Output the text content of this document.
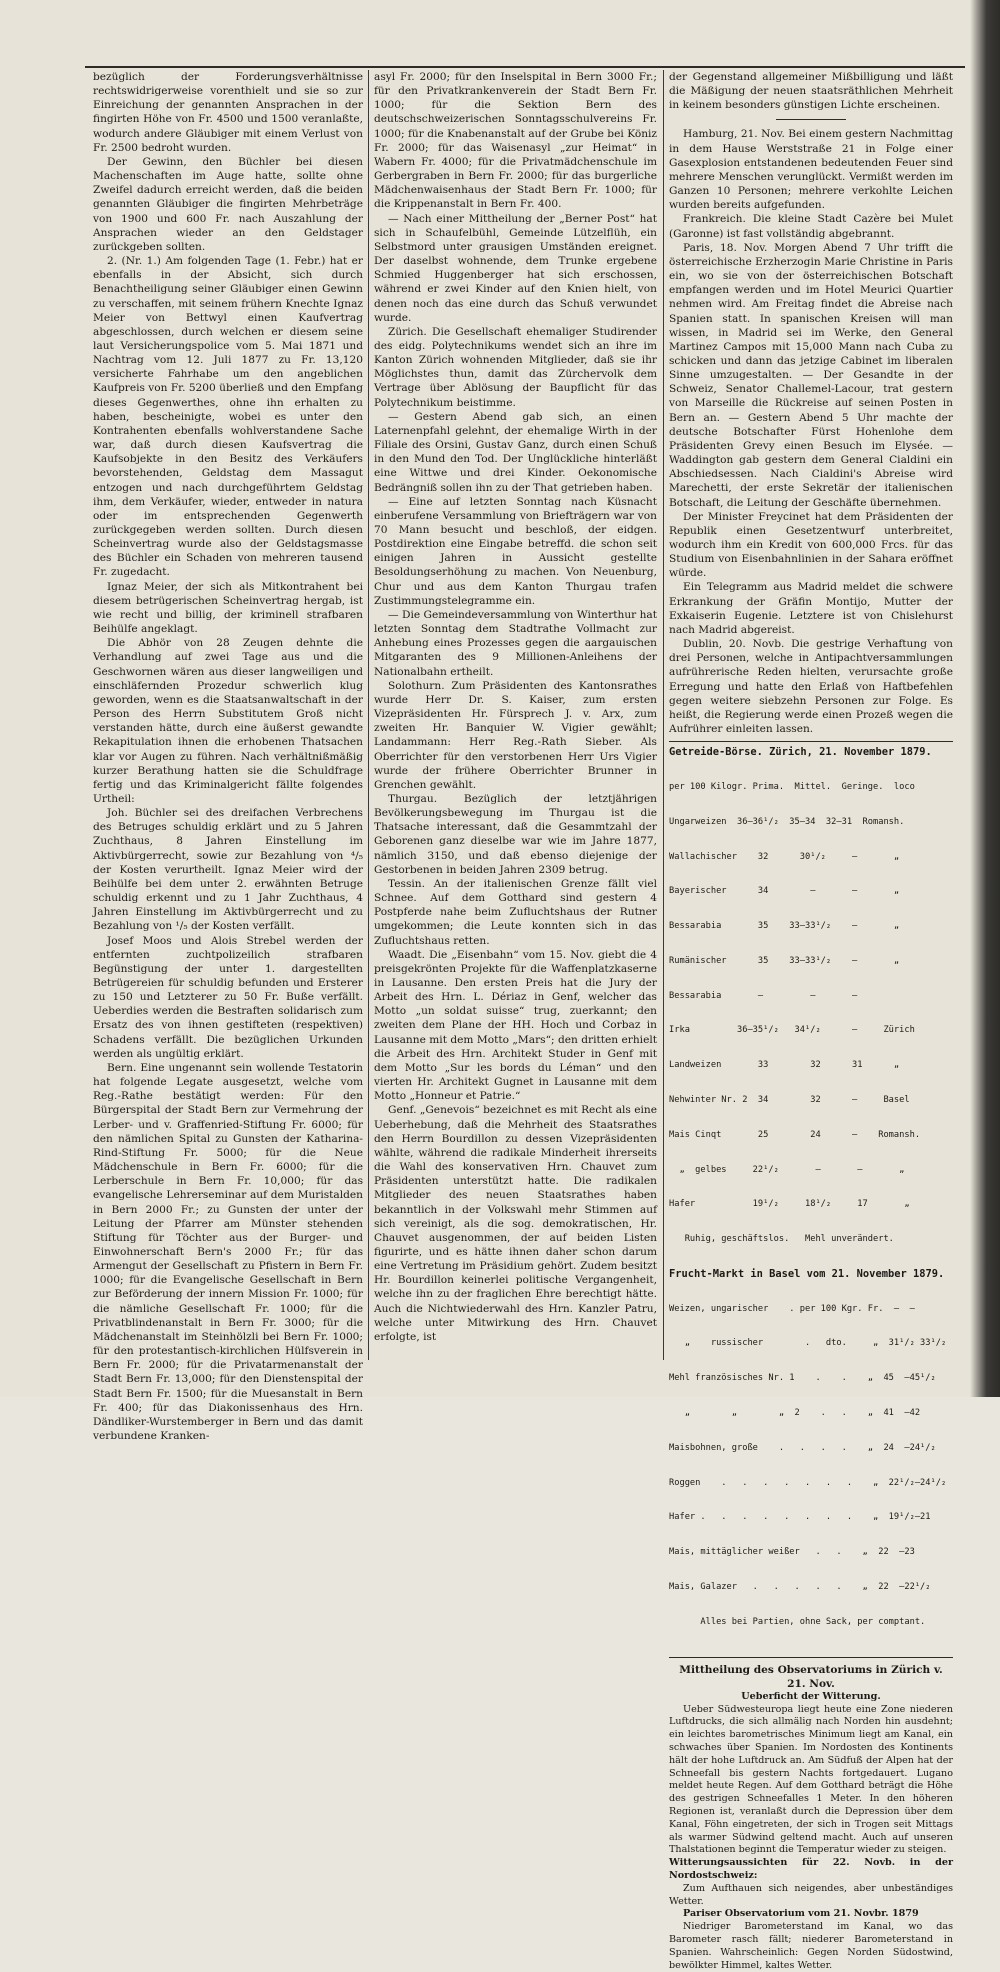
bezüglich der Forderungsverhältnisse rechtswidrigerweise vorenthielt und sie so zur Einreichung der genannten Ansprachen in der fingirten Höhe von Fr. 4500 und 1500 veranlaßte, wodurch andere Gläubiger mit einem Verlust von Fr. 2500 bedroht wurden.

Der Gewinn, den Büchler bei diesen Machenschaften im Auge hatte, sollte ohne Zweifel dadurch erreicht werden, daß die beiden genannten Gläubiger die fingirten Mehrbeträge von 1900 und 600 Fr. nach Auszahlung der Ansprachen wieder an den Geldstager zurückgeben sollten.

2. (Nr. 1.) Am folgenden Tage (1. Febr.) hat er ebenfalls in der Absicht, sich durch Benachtheiligung seiner Gläubiger einen Gewinn zu verschaffen, mit seinem frühern Knechte Ignaz Meier von Bettwyl einen Kaufvertrag abgeschlossen, durch welchen er diesem seine laut Versicherungspolice vom 5. Mai 1871 und Nachtrag vom 12. Juli 1877 zu Fr. 13,120 versicherte Fahrhabe um den angeblichen Kaufpreis von Fr. 5200 überließ und den Empfang dieses Gegenwerthes, ohne ihn erhalten zu haben, bescheinigte, wobei es unter den Kontrahenten ebenfalls wohlverstandene Sache war, daß durch diesen Kaufsvertrag die Kaufsobjekte in den Besitz des Verkäufers bevorstehenden, Geldstag dem Massagut entzogen und nach durchgeführtem Geldstag ihm, dem Verkäufer, wieder, entweder in natura oder im entsprechenden Gegenwerth zurückgegeben werden sollten. Durch diesen Scheinvertrag wurde also der Geldstagsmasse des Büchler ein Schaden von mehreren tausend Fr. zugedacht.

Ignaz Meier, der sich als Mitkontrahent bei diesem betrügerischen Scheinvertrag hergab, ist wie recht und billig, der kriminell strafbaren Beihülfe angeklagt.

Die Abhör von 28 Zeugen dehnte die Verhandlung auf zwei Tage aus und die Geschwornen wären aus dieser langweiligen und einschläfernden Prozedur schwerlich klug geworden, wenn es die Staatsanwaltschaft in der Person des Herrn Substitutem Groß nicht verstanden hätte, durch eine äußerst gewandte Rekapitulation ihnen die erhobenen Thatsachen klar vor Augen zu führen. Nach verhältnißmäßig kurzer Berathung hatten sie die Schuldfrage fertig und das Kriminalgericht fällte folgendes Urtheil:

Joh. Büchler sei des dreifachen Verbrechens des Betruges schuldig erklärt und zu 5 Jahren Zuchthaus, 8 Jahren Einstellung im Aktivbürgerrecht, sowie zur Bezahlung von ⁴/₅ der Kosten verurtheilt. Ignaz Meier wird der Beihülfe bei dem unter 2. erwähnten Betruge schuldig erkennt und zu 1 Jahr Zuchthaus, 4 Jahren Einstellung im Aktivbürgerrecht und zu Bezahlung von ¹/₅ der Kosten verfällt.

Josef Moos und Alois Strebel werden der entfernten zuchtpolizeilich strafbaren Begünstigung der unter 1. dargestellten Betrügereien für schuldig befunden und Ersterer zu 150 und Letzterer zu 50 Fr. Buße verfällt. Ueberdies werden die Bestraften solidarisch zum Ersatz des von ihnen gestifteten (respektiven) Schadens verfällt. Die bezüglichen Urkunden werden als ungültig erklärt.

Bern. Eine ungenannt sein wollende Testatorin hat folgende Legate ausgesetzt, welche vom Reg.-Rathe bestätigt werden: Für den Bürgerspital der Stadt Bern zur Vermehrung der Lerber- und v. Graffenried-Stiftung Fr. 6000; für den nämlichen Spital zu Gunsten der Katharina-Rind-Stiftung Fr. 5000; für die Neue Mädchenschule in Bern Fr. 6000; für die Lerberschule in Bern Fr. 10,000; für das evangelische Lehrerseminar auf dem Muristalden in Bern 2000 Fr.; zu Gunsten der unter der Leitung der Pfarrer am Münster stehenden Stiftung für Töchter aus der Burger- und Einwohnerschaft Bern's 2000 Fr.; für das Armengut der Gesellschaft zu Pfistern in Bern Fr. 1000; für die Evangelische Gesellschaft in Bern zur Beförderung der innern Mission Fr. 1000; für die nämliche Gesellschaft Fr. 1000; für die Privatblindenanstalt in Bern Fr. 3000; für die Mädchenanstalt im Steinhölzli bei Bern Fr. 1000; für den protestantisch-kirchlichen Hülfsverein in Bern Fr. 2000; für die Privatarmenanstalt der Stadt Bern Fr. 13,000; für den Dienstenspital der Stadt Bern Fr. 1500; für die Muesanstalt in Bern Fr. 400; für das Diakonissenhaus des Hrn. Dändliker-Wurstemberger in Bern und das damit verbundene Kranken-

asyl Fr. 2000; für den Inselspital in Bern 3000 Fr.; für den Privatkrankenverein der Stadt Bern Fr. 1000; für die Sektion Bern des deutschschweizerischen Sonntagsschulvereins Fr. 1000; für die Knabenanstalt auf der Grube bei Köniz Fr. 2000; für das Waisenasyl „zur Heimat“ in Wabern Fr. 4000; für die Privatmädchenschule im Gerbergraben in Bern Fr. 2000; für das burgerliche Mädchenwaisenhaus der Stadt Bern Fr. 1000; für die Krippenanstalt in Bern Fr. 400.

— Nach einer Mittheilung der „Berner Post“ hat sich in Schaufelbühl, Gemeinde Lützelflüh, ein Selbstmord unter grausigen Umständen ereignet. Der daselbst wohnende, dem Trunke ergebene Schmied Huggenberger hat sich erschossen, während er zwei Kinder auf den Knien hielt, von denen noch das eine durch das Schuß verwundet wurde.

Zürich. Die Gesellschaft ehemaliger Studirender des eidg. Polytechnikums wendet sich an ihre im Kanton Zürich wohnenden Mitglieder, daß sie ihr Möglichstes thun, damit das Zürchervolk dem Vertrage über Ablösung der Baupflicht für das Polytechnikum beistimme.

— Gestern Abend gab sich, an einen Laternenpfahl gelehnt, der ehemalige Wirth in der Filiale des Orsini, Gustav Ganz, durch einen Schuß in den Mund den Tod. Der Unglückliche hinterläßt eine Wittwe und drei Kinder. Oekonomische Bedrängniß sollen ihn zu der That getrieben haben.

— Eine auf letzten Sonntag nach Küsnacht einberufene Versammlung von Briefträgern war von 70 Mann besucht und beschloß, der eidgen. Postdirektion eine Eingabe betreffd. die schon seit einigen Jahren in Aussicht gestellte Besoldungserhöhung zu machen. Von Neuenburg, Chur und aus dem Kanton Thurgau trafen Zustimmungstelegramme ein.

— Die Gemeindeversammlung von Winterthur hat letzten Sonntag dem Stadtrathe Vollmacht zur Anhebung eines Prozesses gegen die aargauischen Mitgaranten des 9 Millionen-Anleihens der Nationalbahn ertheilt.

Solothurn. Zum Präsidenten des Kantonsrathes wurde Herr Dr. S. Kaiser, zum ersten Vizepräsidenten Hr. Fürsprech J. v. Arx, zum zweiten Hr. Banquier W. Vigier gewählt; Landammann: Herr Reg.-Rath Sieber. Als Oberrichter für den verstorbenen Herr Urs Vigier wurde der frühere Oberrichter Brunner in Grenchen gewählt.

Thurgau. Bezüglich der letztjährigen Bevölkerungsbewegung im Thurgau ist die Thatsache interessant, daß die Gesammtzahl der Geborenen ganz dieselbe war wie im Jahre 1877, nämlich 3150, und daß ebenso diejenige der Gestorbenen in beiden Jahren 2309 betrug.

Tessin. An der italienischen Grenze fällt viel Schnee. Auf dem Gotthard sind gestern 4 Postpferde nahe beim Zufluchtshaus der Rutner umgekommen; die Leute konnten sich in das Zufluchtshaus retten.

Waadt. Die „Eisenbahn“ vom 15. Nov. giebt die 4 preisgekrönten Projekte für die Waffenplatzkaserne in Lausanne. Den ersten Preis hat die Jury der Arbeit des Hrn. L. Dériaz in Genf, welcher das Motto „un soldat suisse“ trug, zuerkannt; den zweiten dem Plane der HH. Hoch und Corbaz in Lausanne mit dem Motto „Mars“; den dritten erhielt die Arbeit des Hrn. Architekt Studer in Genf mit dem Motto „Sur les bords du Léman“ und den vierten Hr. Architekt Gugnet in Lausanne mit dem Motto „Honneur et Patrie.“

Genf. „Genevois“ bezeichnet es mit Recht als eine Ueberhebung, daß die Mehrheit des Staatsrathes den Herrn Bourdillon zu dessen Vizepräsidenten wählte, während die radikale Minderheit ihrerseits die Wahl des konservativen Hrn. Chauvet zum Präsidenten unterstützt hatte. Die radikalen Mitglieder des neuen Staatsrathes haben bekanntlich in der Volkswahl mehr Stimmen auf sich vereinigt, als die sog. demokratischen, Hr. Chauvet ausgenommen, der auf beiden Listen figurirte, und es hätte ihnen daher schon darum eine Vertretung im Präsidium gehört. Zudem besitzt Hr. Bourdillon keinerlei politische Vergangenheit, welche ihn zu der fraglichen Ehre berechtigt hätte. Auch die Nichtwiederwahl des Hrn. Kanzler Patru, welche unter Mitwirkung des Hrn. Chauvet erfolgte, ist

der Gegenstand allgemeiner Mißbilligung und läßt die Mäßigung der neuen staatsräthlichen Mehrheit in keinem besonders günstigen Lichte erscheinen.

Hamburg, 21. Nov. Bei einem gestern Nachmittag in dem Hause Werststraße 21 in Folge einer Gasexplosion entstandenen bedeutenden Feuer sind mehrere Menschen verunglückt. Vermißt werden im Ganzen 10 Personen; mehrere verkohlte Leichen wurden bereits aufgefunden.

Frankreich. Die kleine Stadt Cazère bei Mulet (Garonne) ist fast vollständig abgebrannt.

Paris, 18. Nov. Morgen Abend 7 Uhr trifft die österreichische Erzherzogin Marie Christine in Paris ein, wo sie von der österreichischen Botschaft empfangen werden und im Hotel Meurici Quartier nehmen wird. Am Freitag findet die Abreise nach Spanien statt. In spanischen Kreisen will man wissen, in Madrid sei im Werke, den General Martinez Campos mit 15,000 Mann nach Cuba zu schicken und dann das jetzige Cabinet im liberalen Sinne umzugestalten. — Der Gesandte in der Schweiz, Senator Challemel-Lacour, trat gestern von Marseille die Rückreise auf seinen Posten in Bern an. — Gestern Abend 5 Uhr machte der deutsche Botschafter Fürst Hohenlohe dem Präsidenten Grevy einen Besuch im Elysée. — Waddington gab gestern dem General Cialdini ein Abschiedsessen. Nach Cialdini's Abreise wird Marechetti, der erste Sekretär der italienischen Botschaft, die Leitung der Geschäfte übernehmen.

Der Minister Freycinet hat dem Präsidenten der Republik einen Gesetzentwurf unterbreitet, wodurch ihm ein Kredit von 600,000 Frcs. für das Studium von Eisenbahnlinien in der Sahara eröffnet würde.

Ein Telegramm aus Madrid meldet die schwere Erkrankung der Gräfin Montijo, Mutter der Exkaiserin Eugenie. Letztere ist von Chislehurst nach Madrid abgereist.

Dublin, 20. Novb. Die gestrige Verhaftung von drei Personen, welche in Antipachtversammlungen aufrührerische Reden hielten, verursachte große Erregung und hatte den Erlaß von Haftbefehlen gegen weitere siebzehn Personen zur Folge. Es heißt, die Regierung werde einen Prozeß wegen die Aufrührer einleiten lassen.

Getreide-Börse. Zürich, 21. November 1879.

per 100 Kilogr. Prima.  Mittel.  Geringe.  loco

Ungarweizen  36—36¹/₂  35—34  32—31  Romansh.

Wallachischer    32      30¹/₂     —       „

Bayerischer      34        —       —       „

Bessarabia       35    33—33¹/₂    —       „

Rumänischer      35    33—33¹/₂    —       „

Bessarabia       —         —       —

Irka         36—35¹/₂   34¹/₂      —     Zürich

Landweizen       33        32      31      „

Nehwinter Nr. 2  34        32      —     Basel

Mais Cinqt       25        24      —    Romansh.

„  gelbes     22¹/₂       —       —       „

Hafer           19¹/₂     18¹/₂     17       „

Ruhig, geschäftslos.   Mehl unverändert.

Frucht-Markt in Basel vom 21. November 1879.

Weizen, ungarischer    . per 100 Kgr. Fr.  —  —

„    russischer        .   dto.     „  31¹/₂ 33¹/₂

Mehl französisches Nr. 1    .    .    „  45  —45¹/₂

„        „        „  2    .   .    „  41  —42

Maisbohnen, große    .   .   .   .    „  24  —24¹/₂

Roggen    .   .   .   .   .   .   .    „  22¹/₂—24¹/₂

Hafer .   .   .   .   .   .   .   .    „  19¹/₂—21

Mais, mittäglicher weißer   .   .    „  22  —23

Mais, Galazer   .   .   .   .   .    „  22  —22¹/₂

Alles bei Partien, ohne Sack, per comptant.

Mittheilung des Observatoriums in Zürich v. 21. Nov.

Ueberficht der Witterung.

Ueber Südwesteuropa liegt heute eine Zone niederen Luftdrucks, die sich allmälig nach Norden hin ausdehnt; ein leichtes barometrisches Minimum liegt am Kanal, ein schwaches über Spanien. Im Nordosten des Kontinents hält der hohe Luftdruck an. Am Südfuß der Alpen hat der Schneefall bis gestern Nachts fortgedauert. Lugano meldet heute Regen. Auf dem Gotthard beträgt die Höhe des gestrigen Schneefalles 1 Meter. In den höheren Regionen ist, veranlaßt durch die Depression über dem Kanal, Föhn eingetreten, der sich in Trogen seit Mittags als warmer Südwind geltend macht. Auch auf unseren Thalstationen beginnt die Temperatur wieder zu steigen.

Witterungsaussichten für 22. Novb. in der Nordostschweiz:

Zum Aufthauen sich neigendes, aber unbeständiges Wetter.

Pariser Observatorium vom 21. Novbr. 1879

Niedriger Barometerstand im Kanal, wo das Barometer rasch fällt; niederer Barometerstand in Spanien. Wahrscheinlich: Gegen Norden Südostwind, bewölkter Himmel, kaltes Wetter.
